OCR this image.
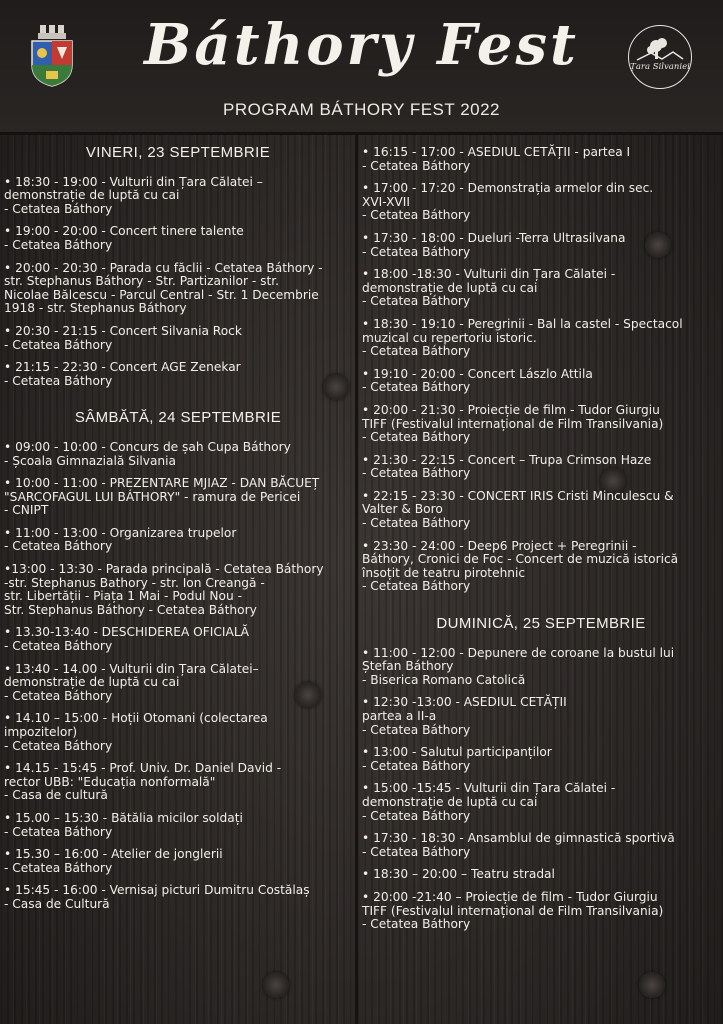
Báthory Fest
PROGRAM BÁTHORY FEST 2022
Țara Silvaniei
VINERI, 23 SEPTEMBRIE
• 18:30 - 19:00 - Vulturii din Țara Călatei –
demonstrație de luptă cu cai
- Cetatea Báthory
• 19:00 - 20:00 - Concert tinere talente
- Cetatea Báthory
• 20:00 - 20:30 - Parada cu făclii - Cetatea Báthory -
str. Stephanus Báthory - Str. Partizanilor - str.
Nicolae Bălcescu - Parcul Central - Str. 1 Decembrie
1918 - str. Stephanus Báthory
• 20:30 - 21:15 - Concert Silvania Rock
- Cetatea Báthory
• 21:15 - 22:30 - Concert AGE Zenekar
- Cetatea Báthory
SÂMBĂTĂ, 24 SEPTEMBRIE
• 09:00 - 10:00 - Concurs de șah Cupa Báthory
- Școala Gimnazială Silvania
• 10:00 - 11:00 - PREZENTARE MJIAZ - DAN BĂCUEȚ
"SARCOFAGUL LUI BÁTHORY" - ramura de Pericei
- CNIPT
• 11:00 - 13:00 - Organizarea trupelor
- Cetatea Báthory
•13:00 - 13:30 - Parada principală - Cetatea Báthory
-str. Stephanus Bathory - str. Ion Creangă -
str. Libertății - Piața 1 Mai - Podul Nou -
Str. Stephanus Báthory - Cetatea Báthory
• 13.30-13:40 - DESCHIDEREA OFICIALĂ
- Cetatea Báthory
• 13:40 - 14.00 - Vulturii din Țara Călatei–
demonstrație de luptă cu cai
- Cetatea Báthory
• 14.10 – 15:00 - Hoții Otomani (colectarea
impozitelor)
- Cetatea Báthory
• 14.15 - 15:45 - Prof. Univ. Dr. Daniel David -
rector UBB: "Educația nonformală"
- Casa de cultură
• 15.00 – 15:30 - Bătălia micilor soldați
- Cetatea Báthory
• 15.30 – 16:00 - Atelier de jonglerii
- Cetatea Báthory
• 15:45 - 16:00 - Vernisaj picturi Dumitru Costălaș
- Casa de Cultură
• 16:15 - 17:00 - ASEDIUL CETĂȚII - partea I
- Cetatea Báthory
• 17:00 - 17:20 - Demonstrația armelor din sec.
XVI-XVII
- Cetatea Báthory
• 17:30 - 18:00 - Dueluri -Terra Ultrasilvana
- Cetatea Báthory
• 18:00 -18:30 - Vulturii din Țara Călatei -
demonstrație de luptă cu cai
- Cetatea Báthory
• 18:30 - 19:10 - Peregrinii - Bal la castel - Spectacol
muzical cu repertoriu istoric.
- Cetatea Báthory
• 19:10 - 20:00 - Concert Lászlo Attila
- Cetatea Báthory
• 20:00 - 21:30 - Proiecție de film - Tudor Giurgiu
TIFF (Festivalul internațional de Film Transilvania)
- Cetatea Báthory
• 21:30 - 22:15 - Concert – Trupa Crimson Haze
- Cetatea Báthory
• 22:15 - 23:30 - CONCERT IRIS Cristi Minculescu &
Valter & Boro
- Cetatea Báthory
• 23:30 - 24:00 - Deep6 Project + Peregrinii -
Báthory, Cronici de Foc - Concert de muzică istorică
însoțit de teatru pirotehnic
- Cetatea Báthory
DUMINICĂ, 25 SEPTEMBRIE
• 11:00 - 12:00 - Depunere de coroane la bustul lui
Ștefan Báthory
- Biserica Romano Catolică
• 12:30 -13:00 - ASEDIUL CETĂȚII
partea a II-a
- Cetatea Báthory
• 13:00 - Salutul participanților
- Cetatea Báthory
• 15:00 -15:45 - Vulturii din Țara Călatei -
demonstrație de luptă cu cai
- Cetatea Báthory
• 17:30 - 18:30 - Ansamblul de gimnastică sportivă
- Cetatea Báthory
• 18:30 – 20:00 – Teatru stradal
• 20:00 -21:40 – Proiecție de film - Tudor Giurgiu
TIFF (Festivalul internațional de Film Transilvania)
- Cetatea Báthory
